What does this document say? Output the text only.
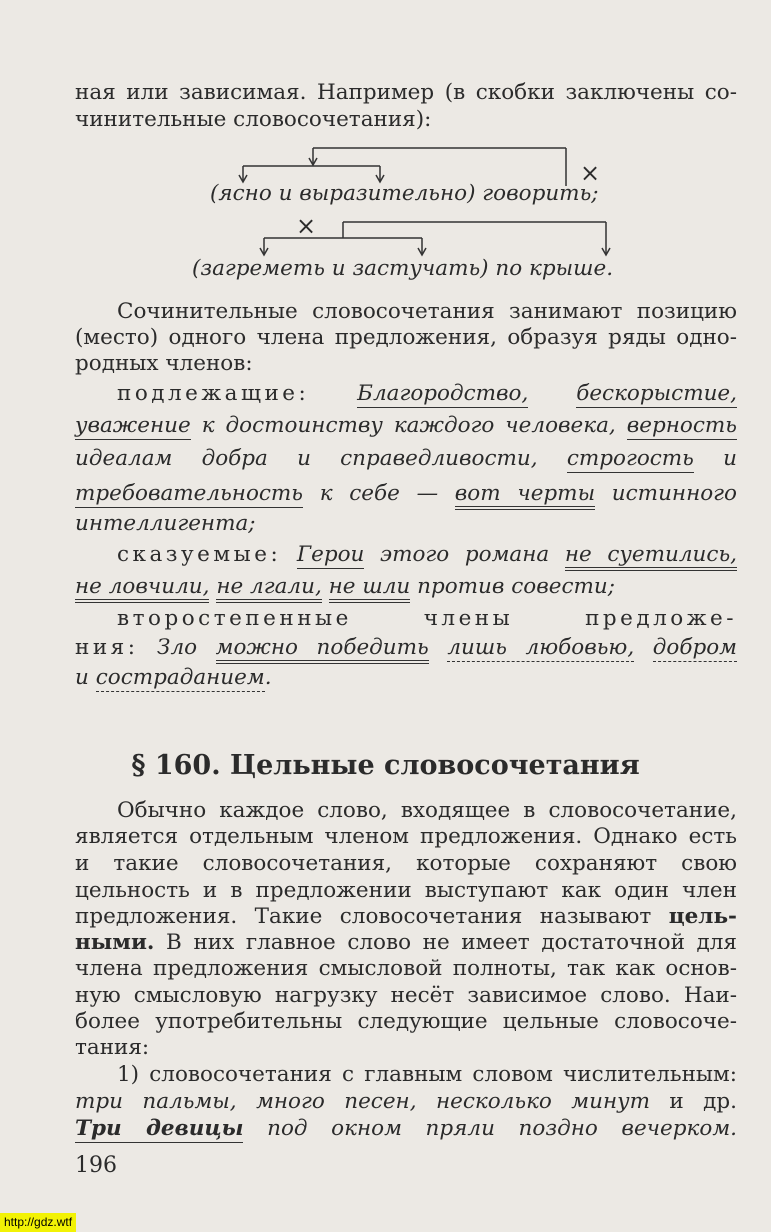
ная или зависимая. Например (в скобки заключены со-
чинительные словосочетания):
×
×
(ясно и выразительно) говорить;
(загреметь и застучать) по крыше.
Сочинительные словосочетания занимают позицию
(место) одного члена предложения, образуя ряды одно-
родных членов:
подлежащие: Благородство, бескорыстие,
уважение к достоинству каждого человека, верность
идеалам добра и справедливости, строгость и
требовательность к себе — вот черты истинного
интеллигента;
сказуемые: Герои этого романа не суетились,
не ловчили, не лгали, не шли против совести;
второстепенные члены предложе-
ния: Зло можно победить лишь любовью, добром
и состраданием.
§ 160. Цельные словосочетания
Обычно каждое слово, входящее в словосочетание,
является отдельным членом предложения. Однако есть
и такие словосочетания, которые сохраняют свою
цельность и в предложении выступают как один член
предложения. Такие словосочетания называют цель-
ными. В них главное слово не имеет достаточной для
члена предложения смысловой полноты, так как основ-
ную смысловую нагрузку несёт зависимое слово. Наи-
более употребительны следующие цельные словосоче-
тания:
1) словосочетания с главным словом числительным:
три пальмы, много песен, несколько минут и др.
Три девицы под окном пряли поздно вечерком.
196
http://gdz.wtf
